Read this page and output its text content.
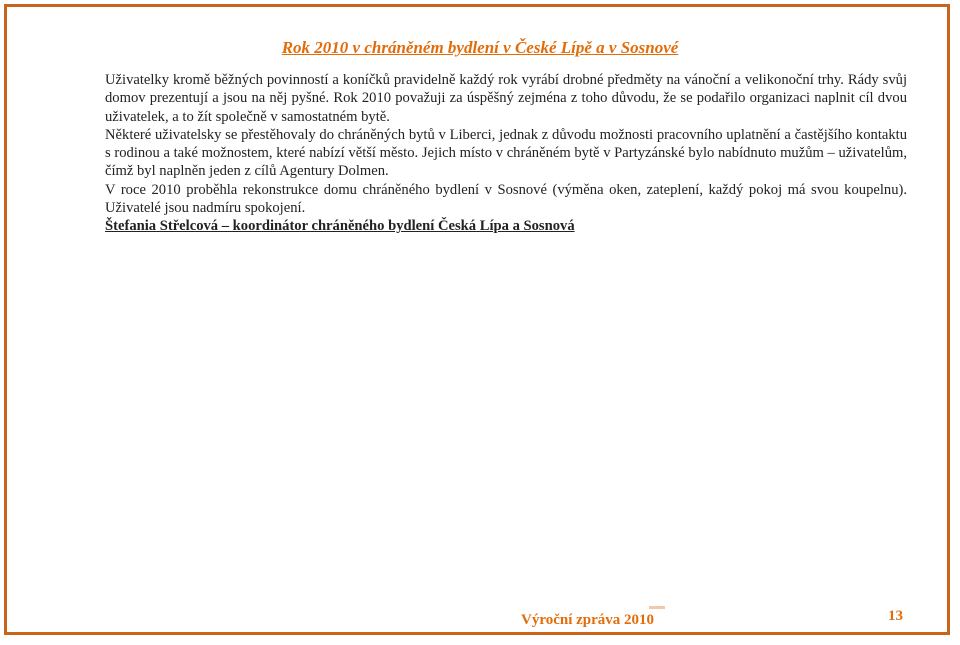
Rok 2010 v chráněném bydlení v České Lípě a v Sosnové

Uživatelky kromě běžných povinností a koníčků pravidelně každý rok vyrábí drobné předměty na vánoční a velikonoční trhy. Rády svůj domov prezentují a jsou na něj pyšné. Rok 2010 považuji za úspěšný zejména z toho důvodu, že se podařilo organizaci naplnit cíl dvou uživatelek, a to žít společně v samostatném bytě.

Některé uživatelsky se přestěhovaly do chráněných bytů v Liberci, jednak z důvodu možnosti pracovního uplatnění a častějšího kontaktu s rodinou a také možnostem, které nabízí větší město. Jejich místo v chráněném bytě v Partyzánské bylo nabídnuto mužům – uživatelům, čímž byl naplněn jeden z cílů Agentury Dolmen.

V roce 2010 proběhla rekonstrukce domu chráněného bydlení v Sosnové (výměna oken, zateplení, každý pokoj má svou koupelnu). Uživatelé jsou nadmíru spokojení.

Štefania Střelcová – koordinátor chráněného bydlení Česká Lípa a Sosnová

Výroční zpráva 2010	13
